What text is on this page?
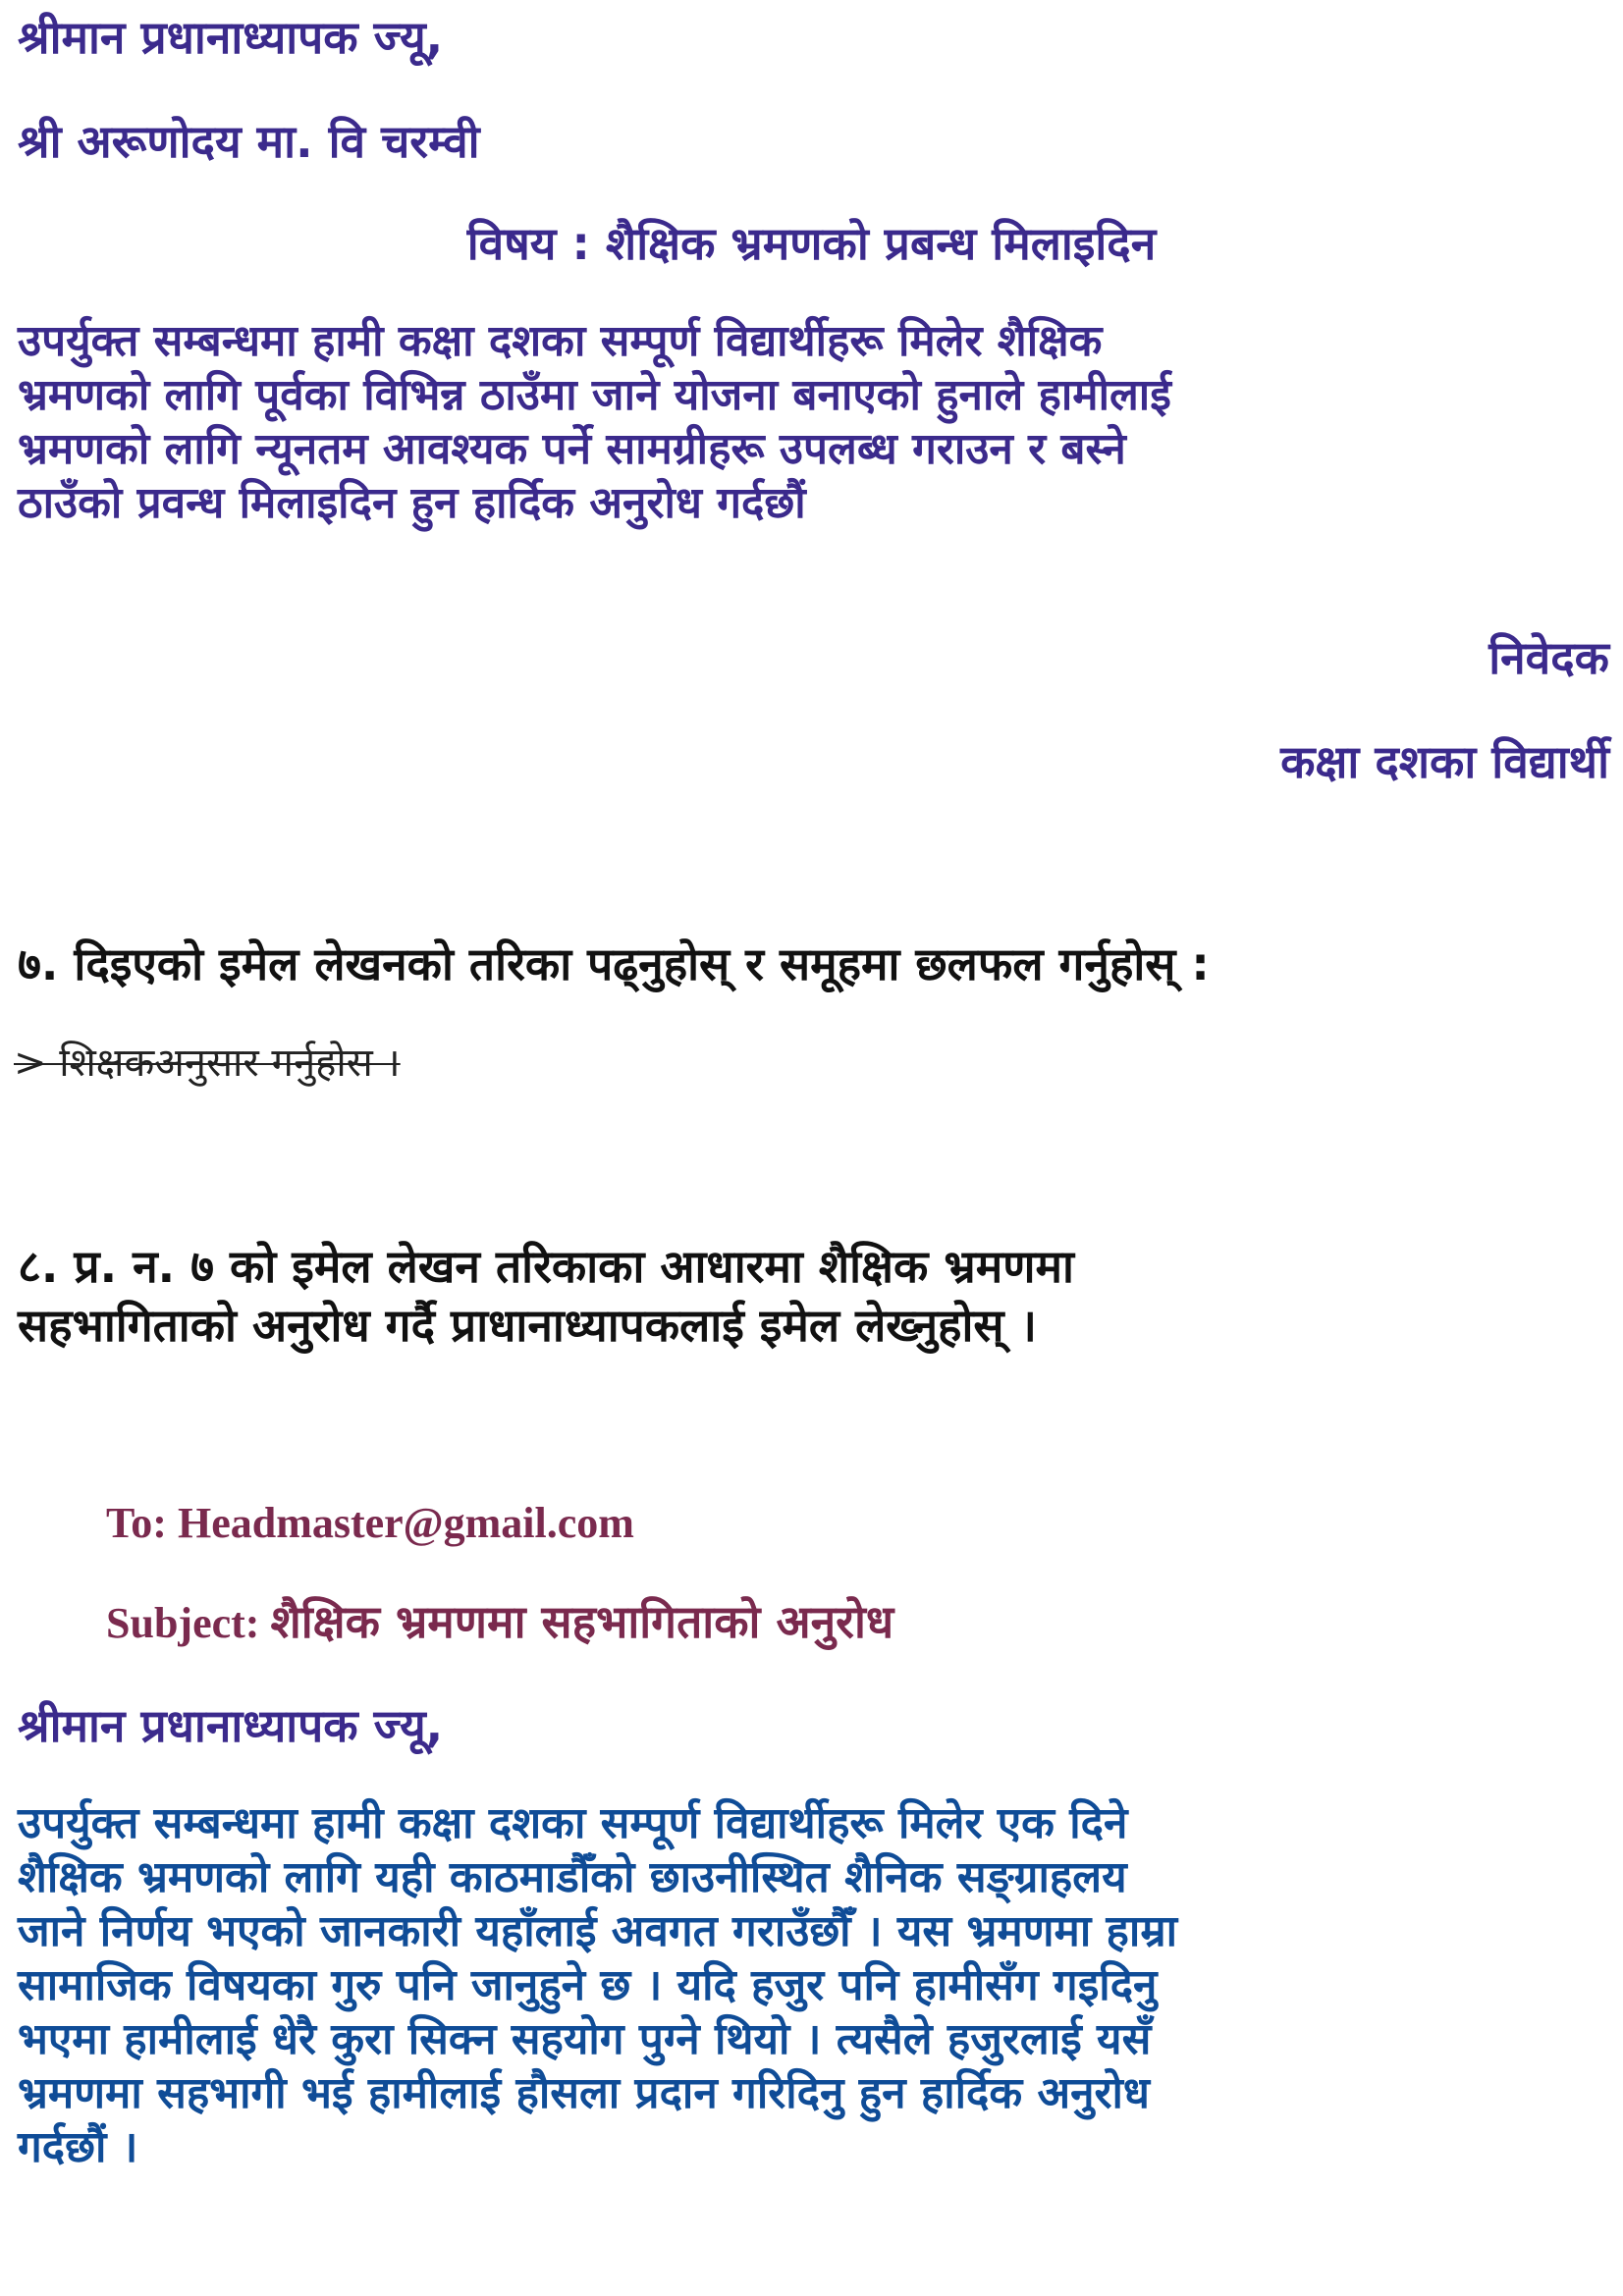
श्रीमान प्रधानाध्यापक ज्यू,

श्री अरूणोदय मा. वि चरम्वी

विषय : शैक्षिक भ्रमणको प्रबन्ध मिलाइदिन

उपर्युक्त सम्बन्धमा हामी कक्षा दशका सम्पूर्ण विद्यार्थीहरू मिलेर शैक्षिक
भ्रमणको लागि पूर्वका विभिन्न ठाउँमा जाने योजना बनाएको हुनाले हामीलाई
भ्रमणको लागि न्यूनतम आवश्यक पर्ने सामग्रीहरू उपलब्ध गराउन र बस्ने
ठाउँको प्रवन्ध मिलाइदिन हुन हार्दिक अनुरोध गर्दछौं

निवेदक

कक्षा दशका विद्यार्थी

७. दिइएको इमेल लेखनको तरिका पढ्नुहोस् र समूहमा छलफल गर्नुहोस् :

> शिक्षकअनुसार गर्नुहोस ।

८. प्र. न. ७ को इमेल लेखन तरिकाका आधारमा शैक्षिक भ्रमणमा
सहभागिताको अनुरोध गर्दै प्राधानाध्यापकलाई इमेल लेख्नुहोस् ।

To: Headmaster@gmail.com

Subject: शैक्षिक भ्रमणमा सहभागिताको अनुरोध

श्रीमान प्रधानाध्यापक ज्यू,

उपर्युक्त सम्बन्धमा हामी कक्षा दशका सम्पूर्ण विद्यार्थीहरू मिलेर एक दिने
शैक्षिक भ्रमणको लागि यही काठमाडौँको छाउनीस्थित शैनिक सङ्ग्राहलय
जाने निर्णय भएको जानकारी यहाँलाई अवगत गराउँछौँ । यस भ्रमणमा हाम्रा
सामाजिक विषयका गुरु पनि जानुहुने छ । यदि हजुर पनि हामीसँग गइदिनु
भएमा हामीलाई धेरै कुरा सिक्न सहयोग पुग्ने थियो । त्यसैले हजुरलाई यसँ
भ्रमणमा सहभागी भई हामीलाई हौसला प्रदान गरिदिनु हुन हार्दिक अनुरोध
गर्दछौं ।
